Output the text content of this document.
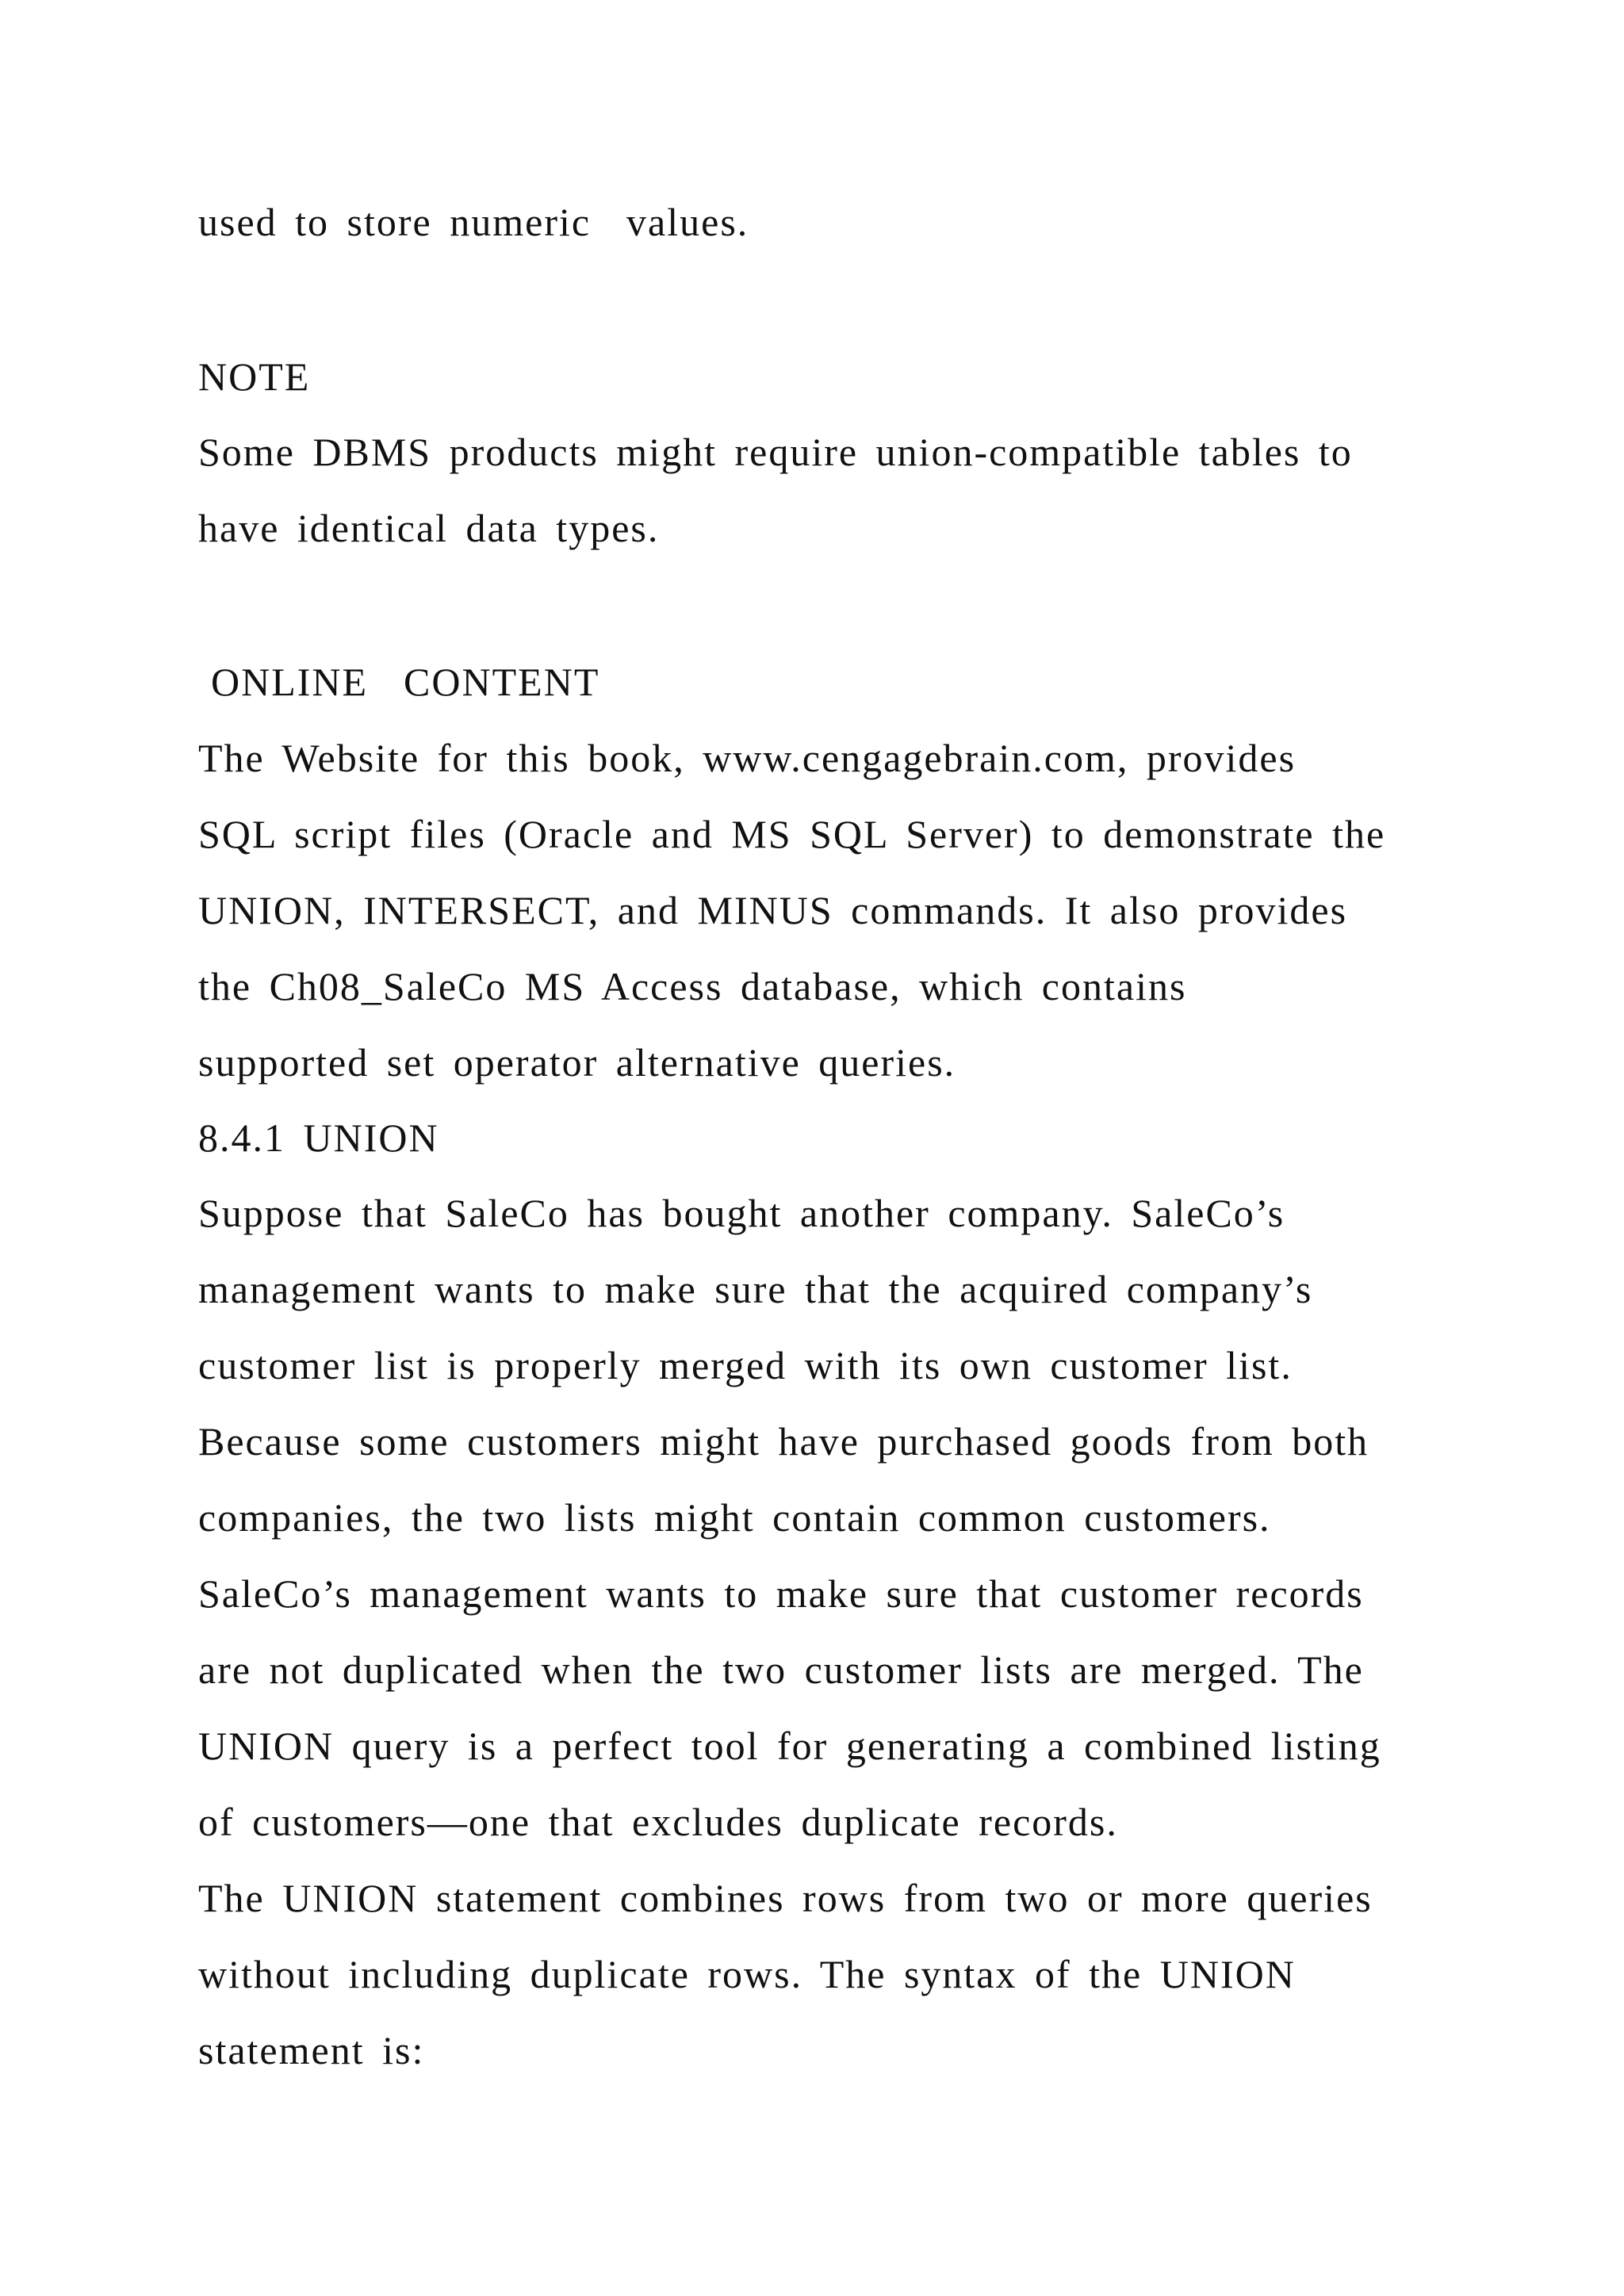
used to store numeric  values.
NOTE
Some DBMS products might require union-compatible tables to
have identical data types.
ONLINE  CONTENT
The Website for this book, www.cengagebrain.com, provides
SQL script files (Oracle and MS SQL Server) to demonstrate the
UNION, INTERSECT, and MINUS commands. It also provides
the Ch08_SaleCo MS Access database, which contains
supported set operator alternative queries.
8.4.1 UNION
Suppose that SaleCo has bought another company. SaleCo’s
management wants to make sure that the acquired company’s
customer list is properly merged with its own customer list.
Because some customers might have purchased goods from both
companies, the two lists might contain common customers.
SaleCo’s management wants to make sure that customer records
are not duplicated when the two customer lists are merged. The
UNION query is a perfect tool for generating a combined listing
of customers—one that excludes duplicate records.
The UNION statement combines rows from two or more queries
without including duplicate rows. The syntax of the UNION
statement is:
